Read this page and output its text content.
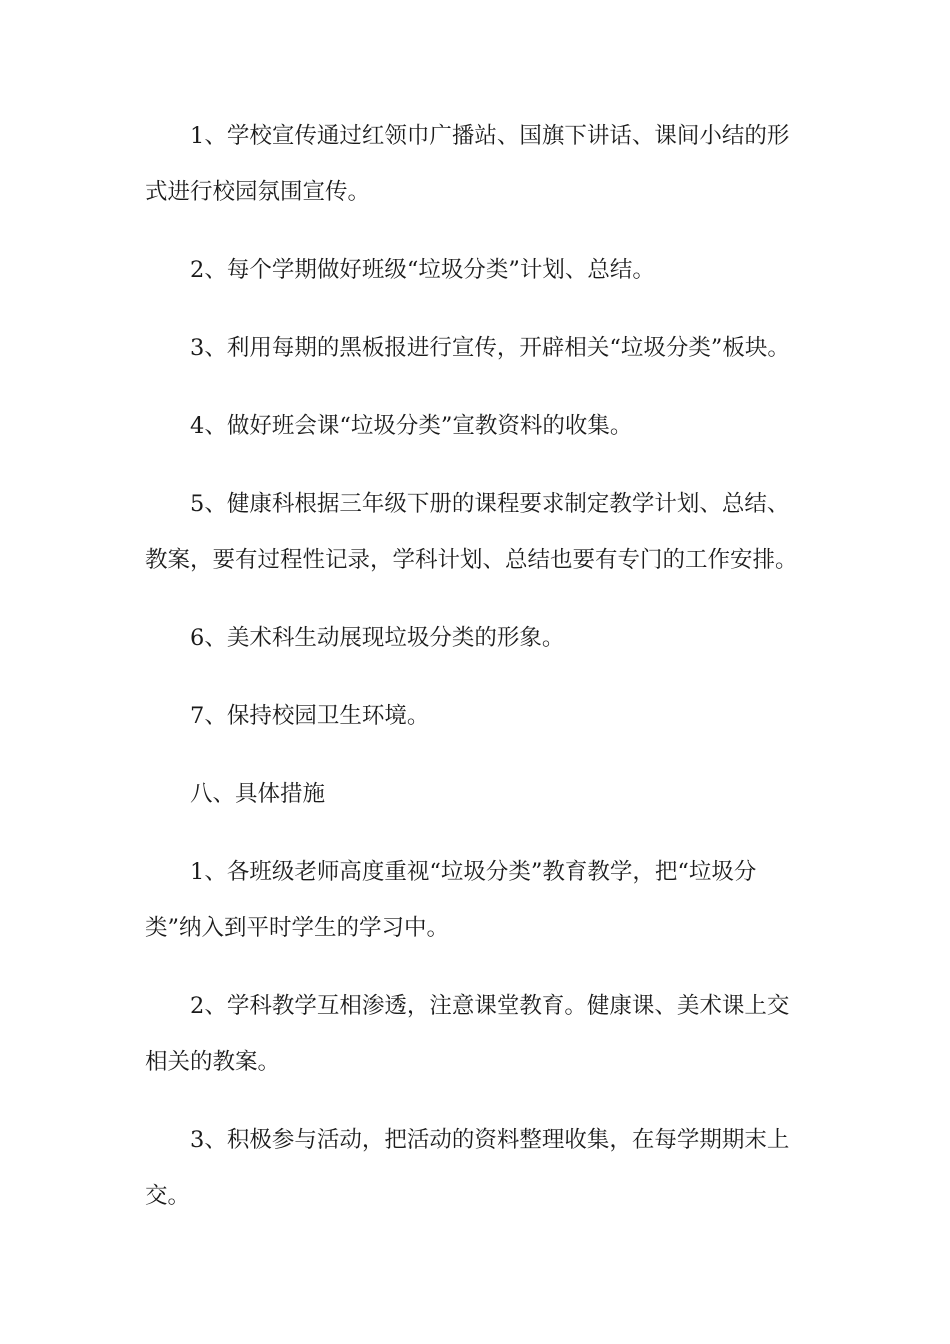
1、学校宣传通过红领巾广播站、国旗下讲话、课间小结的形式进行校园氛围宣传。

2、每个学期做好班级“垃圾分类”计划、总结。

3、利用每期的黑板报进行宣传，开辟相关“垃圾分类”板块。

4、做好班会课“垃圾分类”宣教资料的收集。

5、健康科根据三年级下册的课程要求制定教学计划、总结、教案，要有过程性记录，学科计划、总结也要有专门的工作安排。

6、美术科生动展现垃圾分类的形象。

7、保持校园卫生环境。

八、具体措施

1、各班级老师高度重视“垃圾分类”教育教学，把“垃圾分类”纳入到平时学生的学习中。

2、学科教学互相渗透，注意课堂教育。健康课、美术课上交相关的教案。

3、积极参与活动，把活动的资料整理收集，在每学期期末上交。
